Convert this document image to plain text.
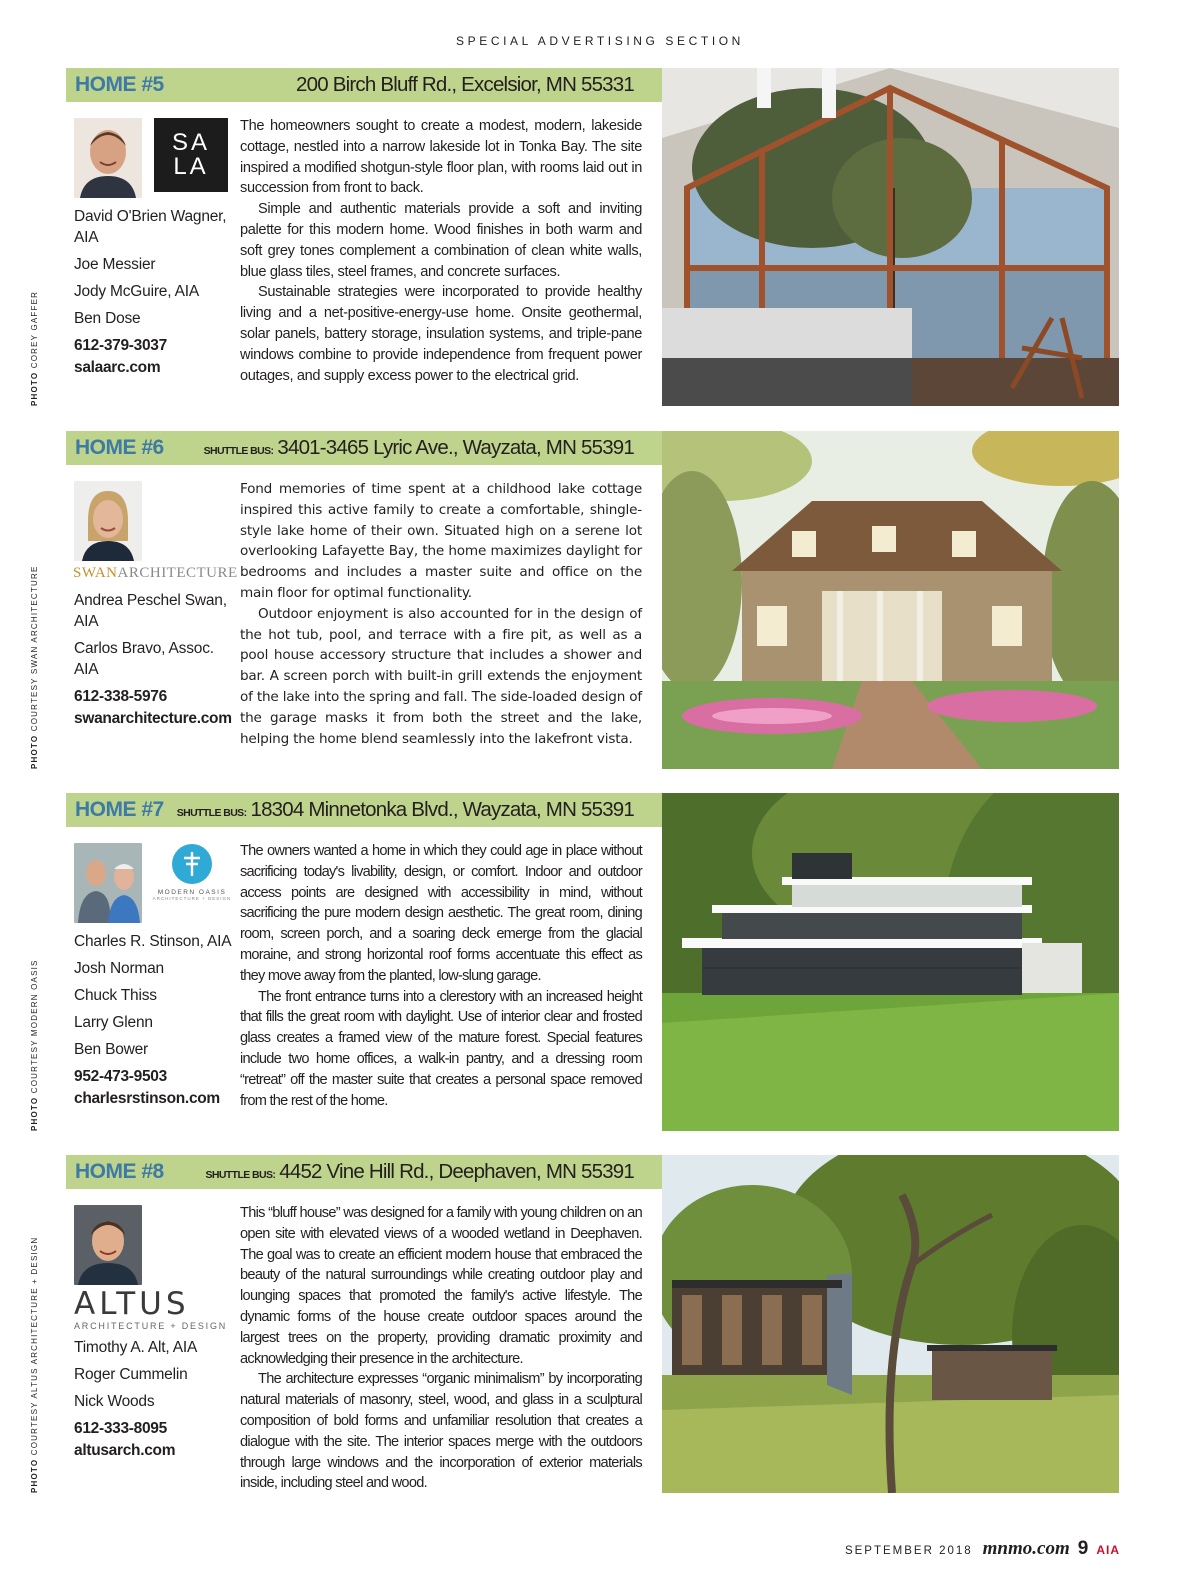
SPECIAL ADVERTISING SECTION
HOME #5	200 Birch Bluff Rd., Excelsior, MN 55331
SA
LA
David O'Brien Wagner, AIA
Joe Messier
Jody McGuire, AIA
Ben Dose
612-379-3037
salaarc.com

The homeowners sought to create a modest, modern, lakeside cottage, nestled into a narrow lakeside lot in Tonka Bay. The site inspired a modified shotgun-style floor plan, with rooms laid out in succession from front to back.

Simple and authentic materials provide a soft and inviting palette for this modern home. Wood finishes in both warm and soft grey tones complement a combination of clean white walls, blue glass tiles, steel frames, and concrete surfaces.

Sustainable strategies were incorporated to provide healthy living and a net-positive-energy-use home. Onsite geothermal, solar panels, battery storage, insulation systems, and triple-pane windows combine to provide independence from frequent power outages, and supply excess power to the electrical grid.

HOME #6	SHUTTLE BUS: 3401-3465 Lyric Ave., Wayzata, MN 55391
SWANARCHITECTURE
Andrea Peschel Swan, AIA
Carlos Bravo, Assoc. AIA
612-338-5976
swanarchitecture.com

Fond memories of time spent at a childhood lake cottage inspired this active family to create a comfortable, shingle-style lake home of their own. Situated high on a serene lot overlooking Lafayette Bay, the home maximizes daylight for bedrooms and includes a master suite and office on the main floor for optimal functionality.

Outdoor enjoyment is also accounted for in the design of the hot tub, pool, and terrace with a fire pit, as well as a pool house accessory structure that includes a shower and bar. A screen porch with built-in grill extends the enjoyment of the lake into the spring and fall. The side-loaded design of the garage masks it from both the street and the lake, helping the home blend seamlessly into the lakefront vista.

HOME #7 SHUTTLE BUS: 18304 Minnetonka Blvd., Wayzata, MN 55391
MODERN OASIS
ARCHITECTURE + DESIGN
Charles R. Stinson, AIA
Josh Norman
Chuck Thiss
Larry Glenn
Ben Bower
952-473-9503
charlesrstinson.com

The owners wanted a home in which they could age in place without sacrificing today's livability, design, or comfort. Indoor and outdoor access points are designed with accessibility in mind, without sacrificing the pure modern design aesthetic. The great room, dining room, screen porch, and a soaring deck emerge from the glacial moraine, and strong horizontal roof forms accentuate this effect as they move away from the planted, low-slung garage.

The front entrance turns into a clerestory with an increased height that fills the great room with daylight. Use of interior clear and frosted glass creates a framed view of the mature forest. Special features include two home offices, a walk-in pantry, and a dressing room “retreat” off the master suite that creates a personal space removed from the rest of the home.

HOME #8	SHUTTLE BUS: 4452 Vine Hill Rd., Deephaven, MN 55391
ALTUS
ARCHITECTURE + DESIGN
Timothy A. Alt, AIA
Roger Cummelin
Nick Woods
612-333-8095
altusarch.com

This “bluff house” was designed for a family with young children on an open site with elevated views of a wooded wetland in Deephaven. The goal was to create an efficient modern house that embraced the beauty of the natural surroundings while creating outdoor play and lounging spaces that promoted the family's active lifestyle. The dynamic forms of the house create outdoor spaces around the largest trees on the property, providing dramatic proximity and acknowledging their presence in the architecture.

The architecture expresses “organic minimalism” by incorporating natural materials of masonry, steel, wood, and glass in a sculptural composition of bold forms and unfamiliar resolution that creates a dialogue with the site. The interior spaces merge with the outdoors through large windows and the incorporation of exterior materials inside, including steel and wood.

PHOTO COREY GAFFER
PHOTO COURTESY SWAN ARCHITECTURE
PHOTO COURTESY MODERN OASIS
PHOTO COURTESY ALTUS ARCHITECTURE + DESIGN
SEPTEMBER 2018 mnmo.com 9 AIA
